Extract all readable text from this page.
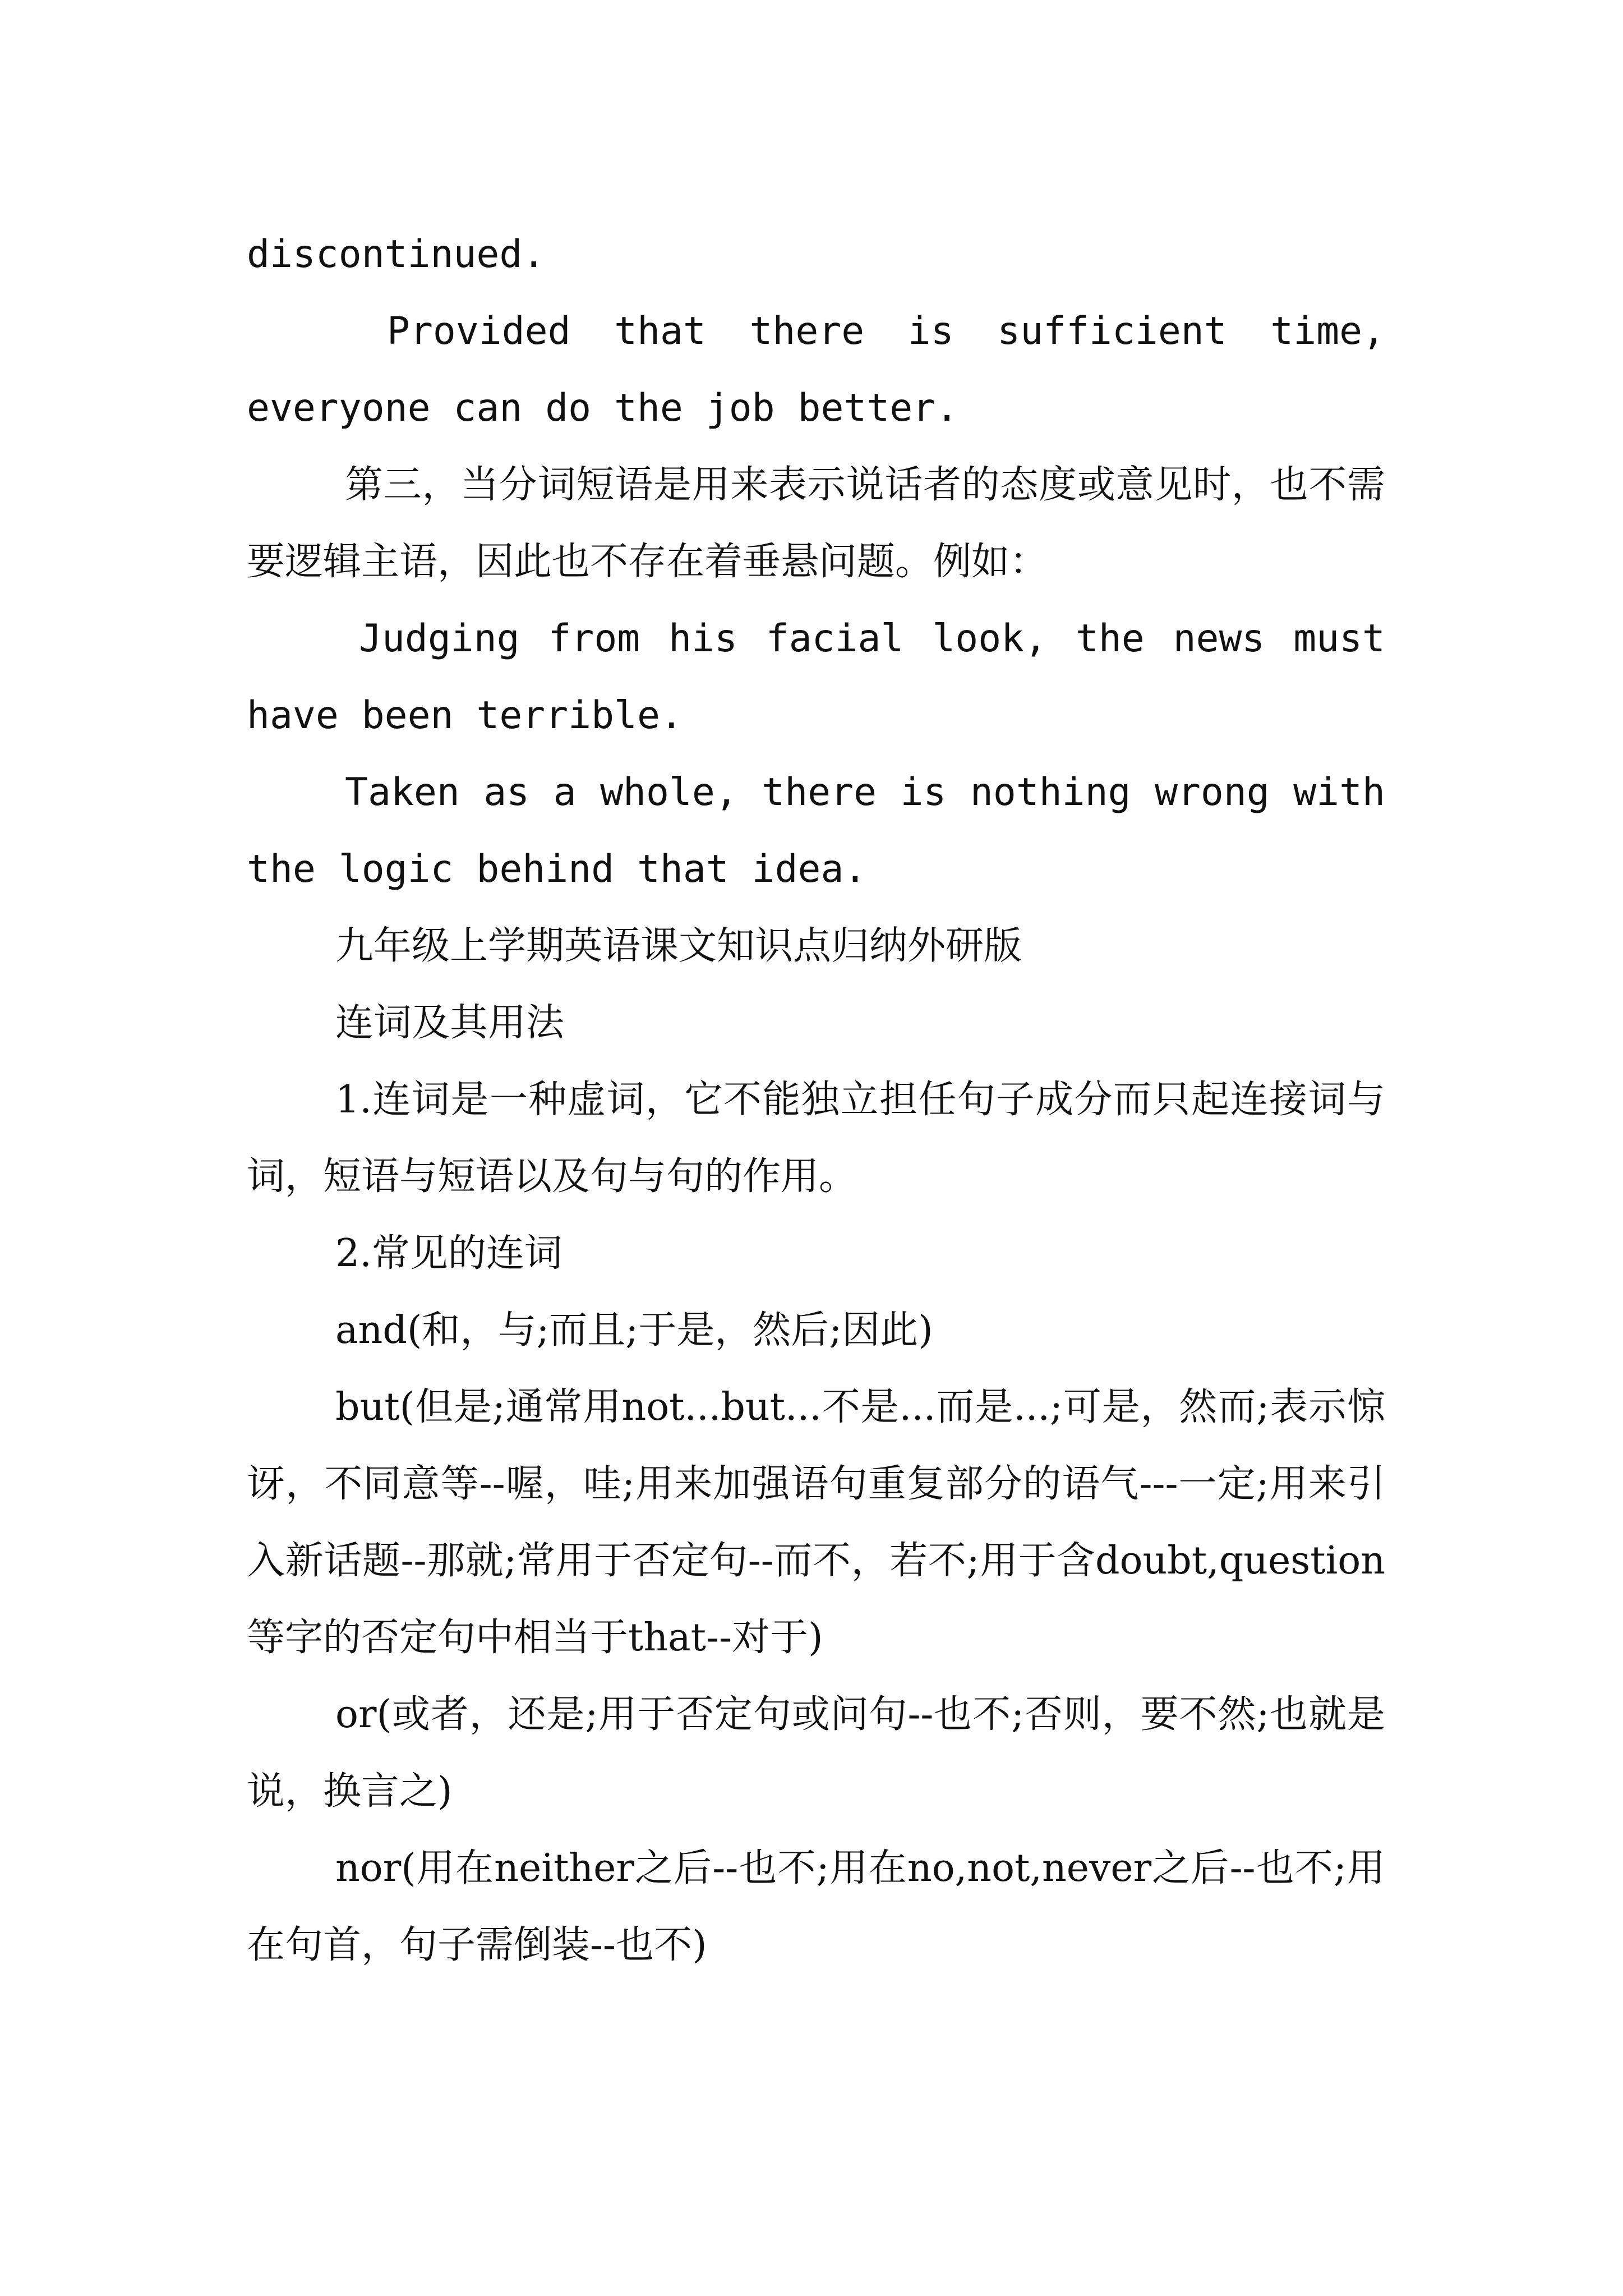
discontinued.

Provided that there is sufficient time, everyone can do the job better.

第三，当分词短语是用来表示说话者的态度或意见时，也不需要逻辑主语，因此也不存在着垂悬问题。例如：

Judging from his facial look, the news must have been terrible.

Taken as a whole, there is nothing wrong with the logic behind that idea.

九年级上学期英语课文知识点归纳外研版

连词及其用法

1.连词是一种虚词，它不能独立担任句子成分而只起连接词与词，短语与短语以及句与句的作用。

2.常见的连词

and(和，与;而且;于是，然后;因此)

but(但是;通常用not...but...不是...而是...;可是，然而;表示惊讶，不同意等--喔，哇;用来加强语句重复部分的语气---一定;用来引入新话题--那就;常用于否定句--而不，若不;用于含doubt,question等字的否定句中相当于that--对于)

or(或者，还是;用于否定句或问句--也不;否则，要不然;也就是说，换言之)

nor(用在neither之后--也不;用在no,not,never之后--也不;用在句首，句子需倒装--也不)
